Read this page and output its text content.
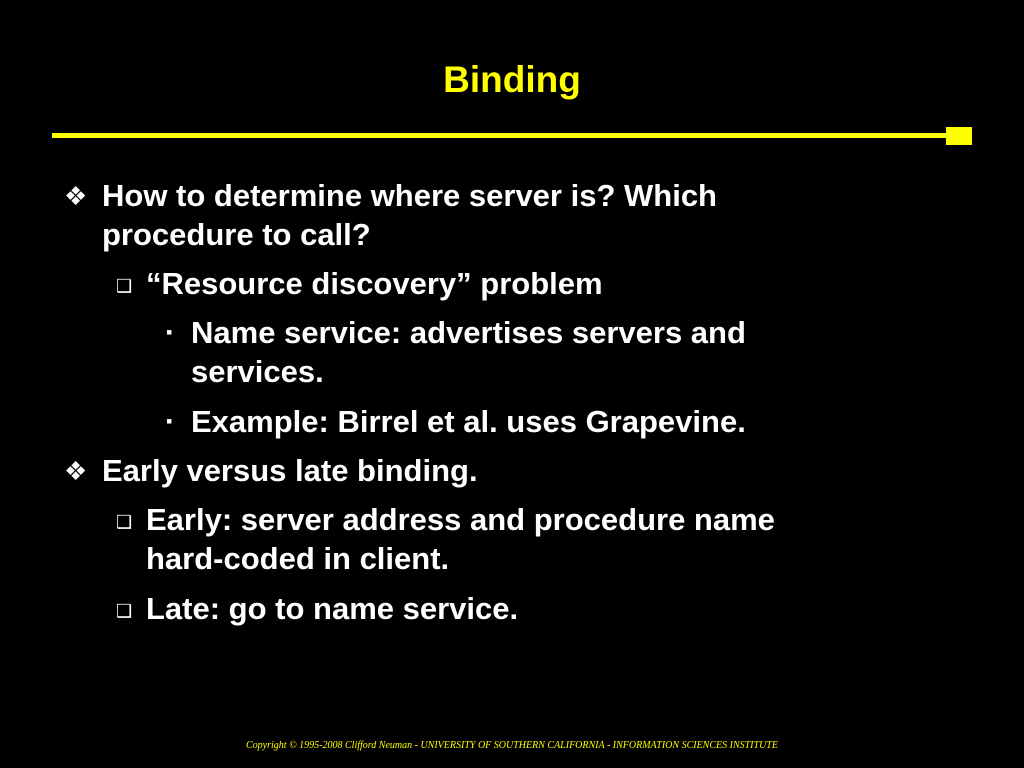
Binding
❖ How to determine where server is? Which
procedure to call?
❑ “Resource discovery” problem
▪ Name service: advertises servers and
services.
▪ Example: Birrel et al. uses Grapevine.
❖ Early versus late binding.
❑ Early: server address and procedure name
hard-coded in client.
❑ Late: go to name service.
Copyright © 1995-2008 Clifford Neuman - UNIVERSITY OF SOUTHERN CALIFORNIA - INFORMATION SCIENCES INSTITUTE
